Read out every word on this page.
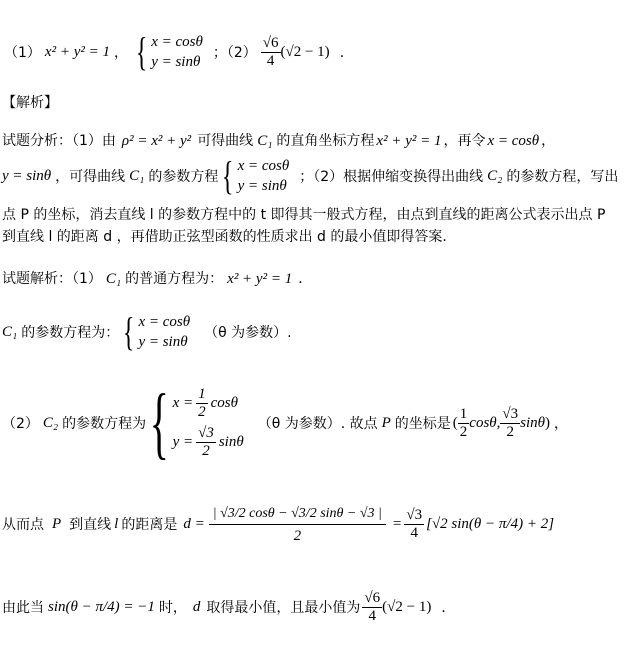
（1） x² + y² = 1 ， { x = cosθ
y = sinθ
；$(2) \frac{√6}{4} (√2 - 1)$ ．
【解析】
试题分析：（1）由 ρ² = x² + y² 可得曲线 C₁ 的直角坐标方程 x² + y² = 1 ，再令 x = cosθ ，
y = sinθ ，可得曲线 C₁ 的参数方程 { x = cosθ
y = sinθ
；（2）根据伸缩变换得出曲线 C₂ 的参数方程，写出
点 P 的坐标，消去直线 l 的参数方程中的 t 即得其一般式方程，由点到直线的距离公式表示出点 P
到直线 l 的距离 d ，再借助正弦型函数的性质求出 d 的最小值即得答案．
试题解析：（1） C₁ 的普通方程为： x² + y² = 1 ．
C₁ 的参数方程为： { x = cosθ
y = sinθ
（θ 为参数）.
（2） C₂ 的参数方程为 { $x = \frac{1}{2}$ cosθ
$y = \frac{√3}{2}$ sinθ
（θ 为参数）. 故点 P 的坐标是 ( $\frac{1}{2} \cos\theta$, $\frac{√3}{2}$ sinθ ) ，
从而点 P 到直线 l 的距离是 $d = \frac{| √3/2 \cos\theta - √3/2 \sin\theta - √3 |}{2} = \frac{√3}{4} [√2$ sin(θ − π/4) + 2]
由此当 sin(θ − π/4) = −1 时， d 取得最小值，且最小值为 $\frac{√6}{4} (√2 - 1)$ ．
